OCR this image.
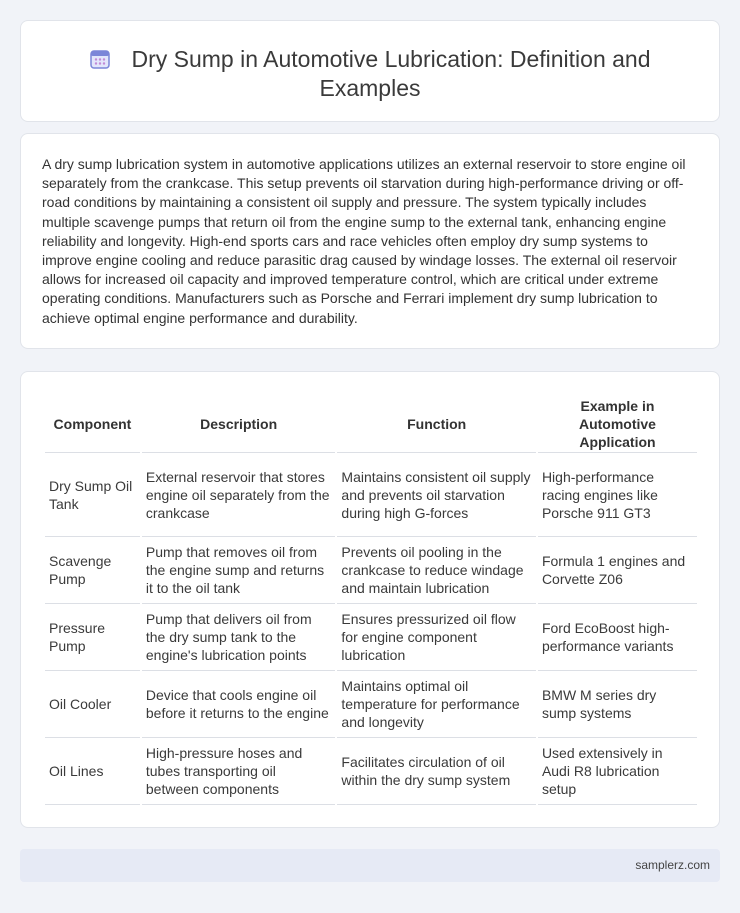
Dry Sump in Automotive Lubrication: Definition and Examples

A dry sump lubrication system in automotive applications utilizes an external reservoir to store engine oil separately from the crankcase. This setup prevents oil starvation during high-performance driving or off-road conditions by maintaining a consistent oil supply and pressure. The system typically includes multiple scavenge pumps that return oil from the engine sump to the external tank, enhancing engine reliability and longevity. High-end sports cars and race vehicles often employ dry sump systems to improve engine cooling and reduce parasitic drag caused by windage losses. The external oil reservoir allows for increased oil capacity and improved temperature control, which are critical under extreme operating conditions. Manufacturers such as Porsche and Ferrari implement dry sump lubrication to achieve optimal engine performance and durability.

Component	Description	Function	Example in Automotive Application
Dry Sump Oil Tank	External reservoir that stores engine oil separately from the crankcase	Maintains consistent oil supply and prevents oil starvation during high G-forces	High-performance racing engines like Porsche 911 GT3
Scavenge Pump	Pump that removes oil from the engine sump and returns it to the oil tank	Prevents oil pooling in the crankcase to reduce windage and maintain lubrication	Formula 1 engines and Corvette Z06
Pressure Pump	Pump that delivers oil from the dry sump tank to the engine's lubrication points	Ensures pressurized oil flow for engine component lubrication	Ford EcoBoost high-performance variants
Oil Cooler	Device that cools engine oil before it returns to the engine	Maintains optimal oil temperature for performance and longevity	BMW M series dry sump systems
Oil Lines	High-pressure hoses and tubes transporting oil between components	Facilitates circulation of oil within the dry sump system	Used extensively in Audi R8 lubrication setup
samplerz.com
